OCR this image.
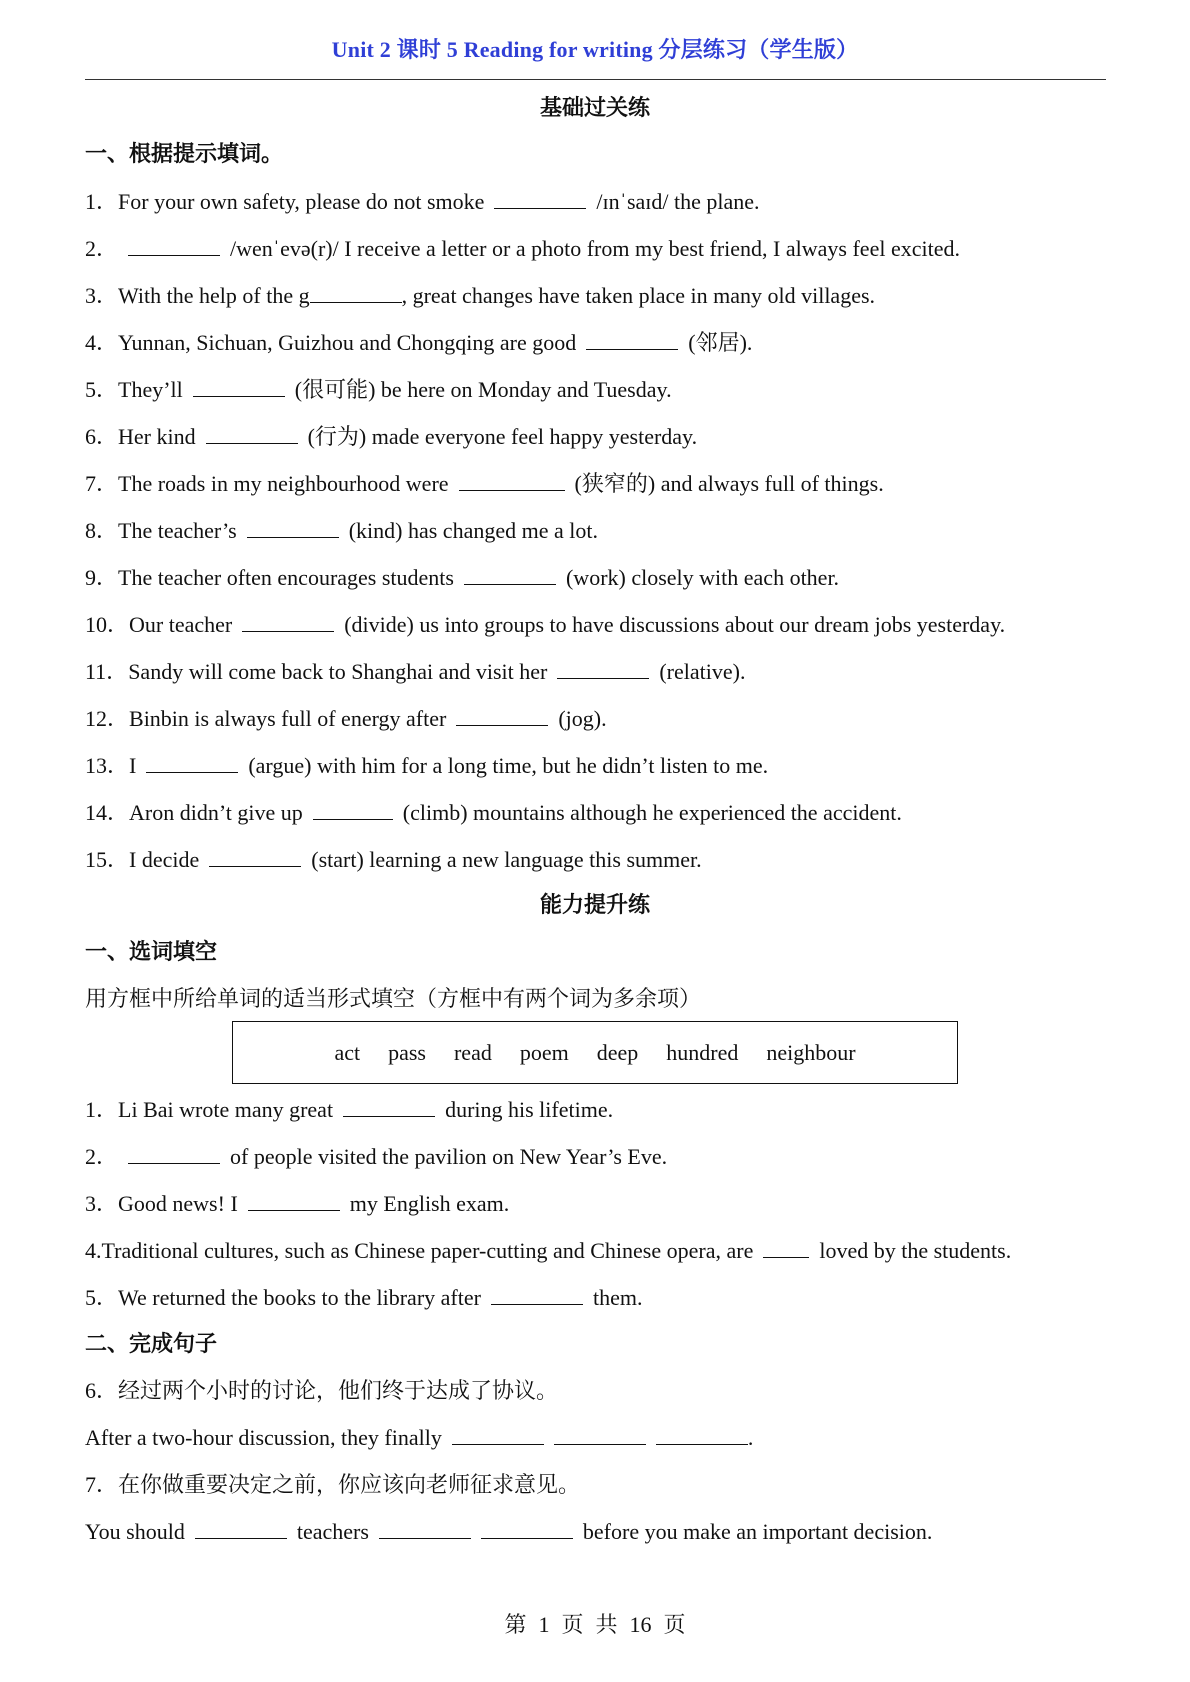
Unit 2 课时 5 Reading for writing 分层练习（学生版）
基础过关练
一、根据提示填词。
1．For your own safety, please do not smoke	/ɪnˈsaɪd/ the plane.
2．	/wenˈevə(r)/ I receive a letter or a photo from my best friend, I always feel excited.
3．With the help of the g	, great changes have taken place in many old villages.
4．Yunnan, Sichuan, Guizhou and Chongqing are good	(邻居).
5．They’ll	(很可能) be here on Monday and Tuesday.
6．Her kind	(行为) made everyone feel happy yesterday.
7．The roads in my neighbourhood were	(狭窄的) and always full of things.
8．The teacher’s	(kind) has changed me a lot.
9．The teacher often encourages students	(work) closely with each other.
10．Our teacher	(divide) us into groups to have discussions about our dream jobs yesterday.
11．Sandy will come back to Shanghai and visit her	(relative).
12．Binbin is always full of energy after	(jog).
13．I	(argue) with him for a long time, but he didn’t listen to me.
14．Aron didn’t give up	(climb) mountains although he experienced the accident.
15．I decide	(start) learning a new language this summer.
能力提升练
一、选词填空
用方框中所给单词的适当形式填空（方框中有两个词为多余项）
act pass read poem deep hundred neighbour
1．Li Bai wrote many great	during his lifetime.
2．	of people visited the pavilion on New Year’s Eve.
3．Good news! I	my English exam.
4.Traditional cultures, such as Chinese paper-cutting and Chinese opera, are	loved by the students.
5．We returned the books to the library after	them.
二、完成句子
6．经过两个小时的讨论，他们终于达成了协议。
After a two-hour discussion, they finally	.
7．在你做重要决定之前，你应该向老师征求意见。
You should	teachers	before you make an important decision.
第 1 页 共 16 页
